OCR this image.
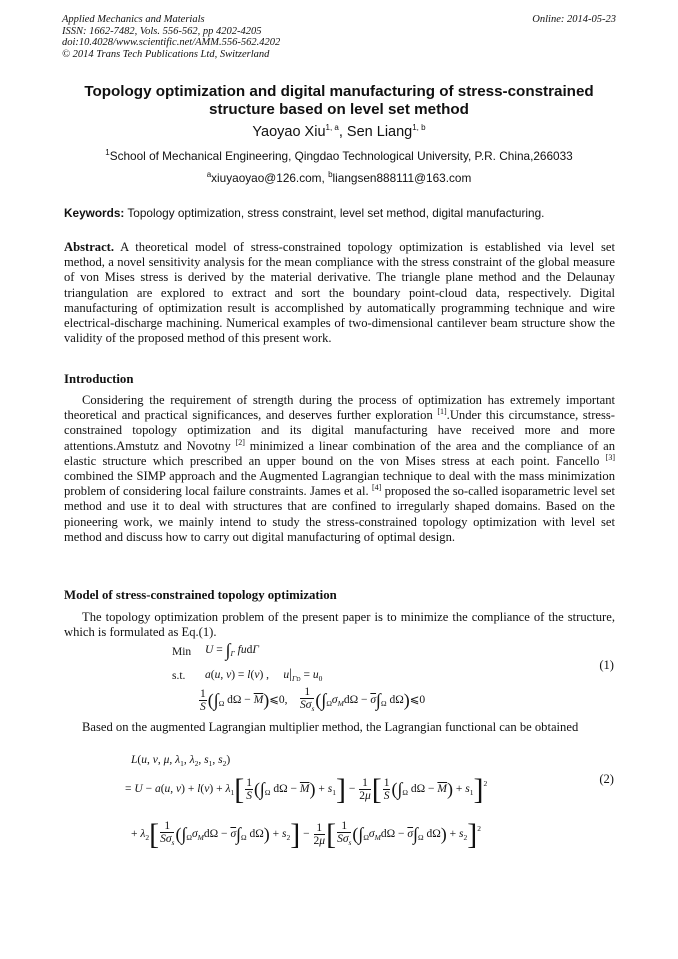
Applied Mechanics and Materials
ISSN: 1662-7482, Vols. 556-562, pp 4202-4205
doi:10.4028/www.scientific.net/AMM.556-562.4202
© 2014 Trans Tech Publications Ltd, Switzerland
Online: 2014-05-23
Topology optimization and digital manufacturing of stress-constrained structure based on level set method
Yaoyao Xiu$^{1, a}$, Sen Liang$^{1, b}$
$^1$School of Mechanical Engineering, Qingdao Technological University, P.R. China,266033
$^a$xiuyaoyao@126.com, $^b$liangsen888111@163.com
Keywords: Topology optimization, stress constraint, level set method, digital manufacturing.
Abstract. A theoretical model of stress-constrained topology optimization is established via level set method, a novel sensitivity analysis for the mean compliance with the stress constraint of the global measure of von Mises stress is derived by the material derivative. The triangle plane method and the Delaunay triangulation are explored to extract and sort the boundary point-cloud data, respectively. Digital manufacturing of optimization result is accomplished by automatically programming technique and wire electrical-discharge machining. Numerical examples of two-dimensional cantilever beam structure show the validity of the proposed method of this present work.
Introduction
Considering the requirement of strength during the process of optimization has extremely important theoretical and practical significances, and deserves further exploration [1].Under this circumstance, stress-constrained topology optimization and its digital manufacturing have received more and more attentions.Amstutz and Novotny [2] minimized a linear combination of the area and the compliance of an elastic structure which prescribed an upper bound on the von Mises stress at each point. Fancello [3] combined the SIMP approach and the Augmented Lagrangian technique to deal with the mass minimization problem of considering local failure constraints. James et al. [4] proposed the so-called isoparametric level set method and use it to deal with structures that are confined to irregularly shaped domains. Based on the pioneering work, we mainly intend to study the stress-constrained topology optimization with level set method and discuss how to carry out digital manufacturing of optimal design.
Model of stress-constrained topology optimization
The topology optimization problem of the present paper is to minimize the compliance of the structure, which is formulated as Eq.(1).
Min $U = \int_\Gamma$ fudΓ
s.t. a(u, v) = l(v) ,     $u|_{\Gamma D} = u_0$
$\frac{1}{S} (\int_\Omega$ $d\Omega - \overline{M})⩽0$, $\frac{1}{S\sigma_s} (\int_\Omega\sigma_Md\Omega - \overline{\sigma}\int_\Omega$ dΩ)⩽0
(1)
Based on the augmented Lagrangian multiplier method, the Lagrangian functional can be obtained
L(u, v, μ, $\lambda_1$, $\lambda_2$, $s_1$, $s_2$)
= U − a(u, $v) + l(v) + \lambda_1[ \frac{1}{S} (\int_\Omega$ $d\Omega - \overline{M}) + s_1] - \frac{1}{2\mu}$ [ $\frac{1}{S} (\int_\Omega$ $d\Omega - \overline{M}) + s_1]^2$
+ $\lambda_2[ \frac{1}{S\sigma_s} (\int_\Omega\sigma_Md\Omega - \overline{\sigma}\int_\Omega$ $d\Omega) + s_2] - \frac{1}{2\mu}$ [ $\frac{1}{S\sigma_s} (\int_\Omega\sigma_Md\Omega - \overline{\sigma}\int_\Omega$ $d\Omega) + s_2]^2$
(2)
